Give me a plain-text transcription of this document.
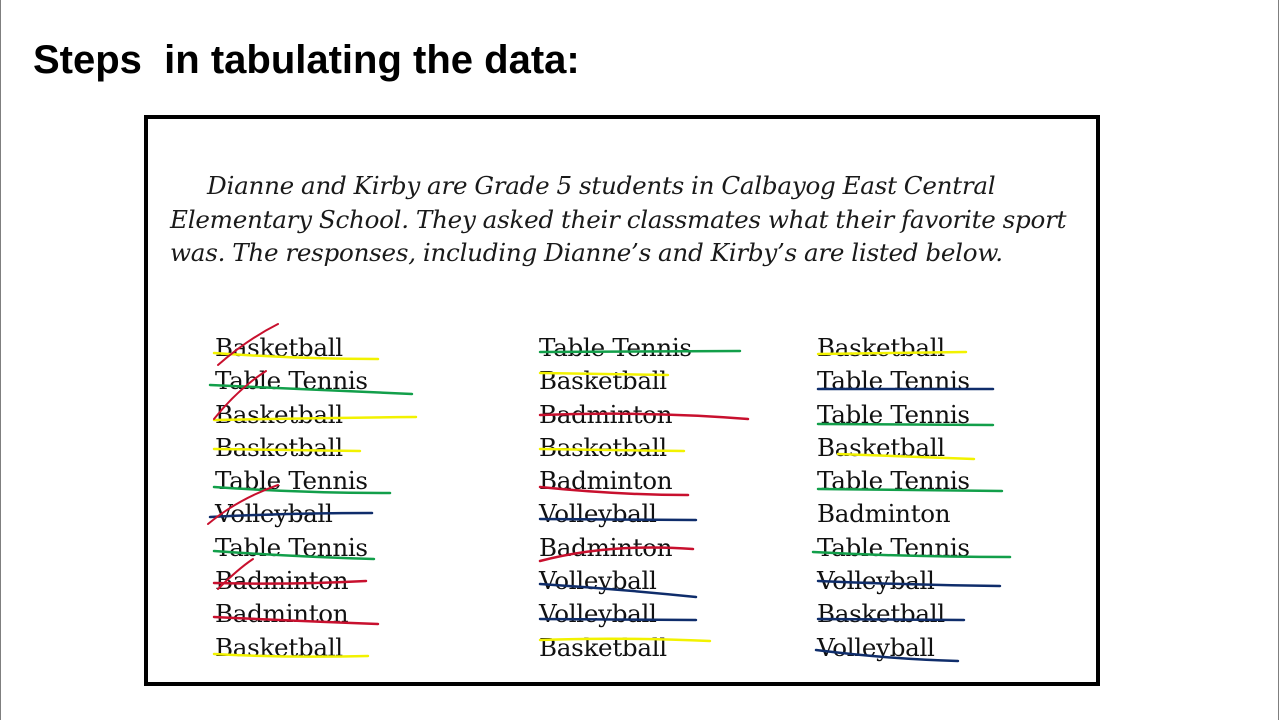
Steps  in tabulating the data:

Dianne and Kirby are Grade 5 students in Calbayog East Central Elementary School. They asked their classmates what their favorite sport was. The responses, including Dianne’s and Kirby’s are listed below.

Basketball
Table Tennis
Basketball
Basketball
Table Tennis
Volleyball
Table Tennis
Badminton
Badminton
Basketball
Table Tennis
Basketball
Badminton
Basketball
Badminton
Volleyball
Badminton
Volleyball
Volleyball
Basketball
Basketball
Table Tennis
Table Tennis
Basketball
Table Tennis
Badminton
Table Tennis
Volleyball
Basketball
Volleyball
